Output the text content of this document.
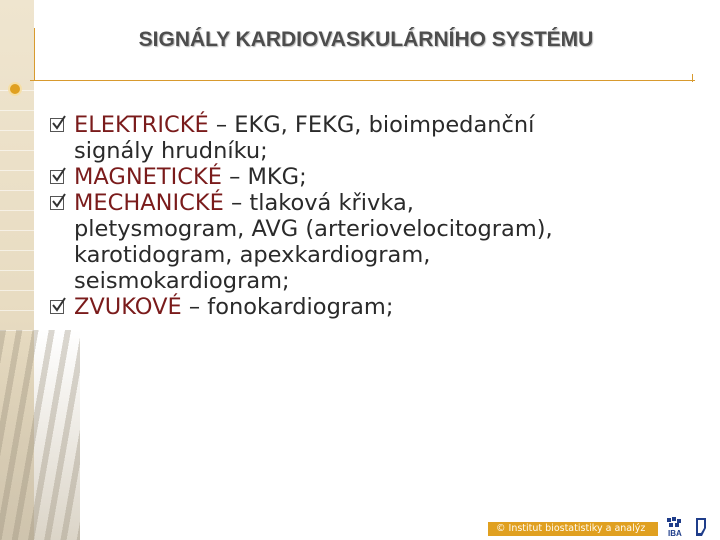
SIGNÁLY KARDIOVASKULÁRNÍHO SYSTÉMU
ELEKTRICKÉ – EKG, FEKG, bioimpedanční
signály hrudníku;
MAGNETICKÉ – MKG;
MECHANICKÉ – tlaková křivka,
pletysmogram, AVG (arteriovelocitogram),
karotidogram, apexkardiogram,
seismokardiogram;
ZVUKOVÉ – fonokardiogram;
© Institut biostatistiky a analýz	IBA
